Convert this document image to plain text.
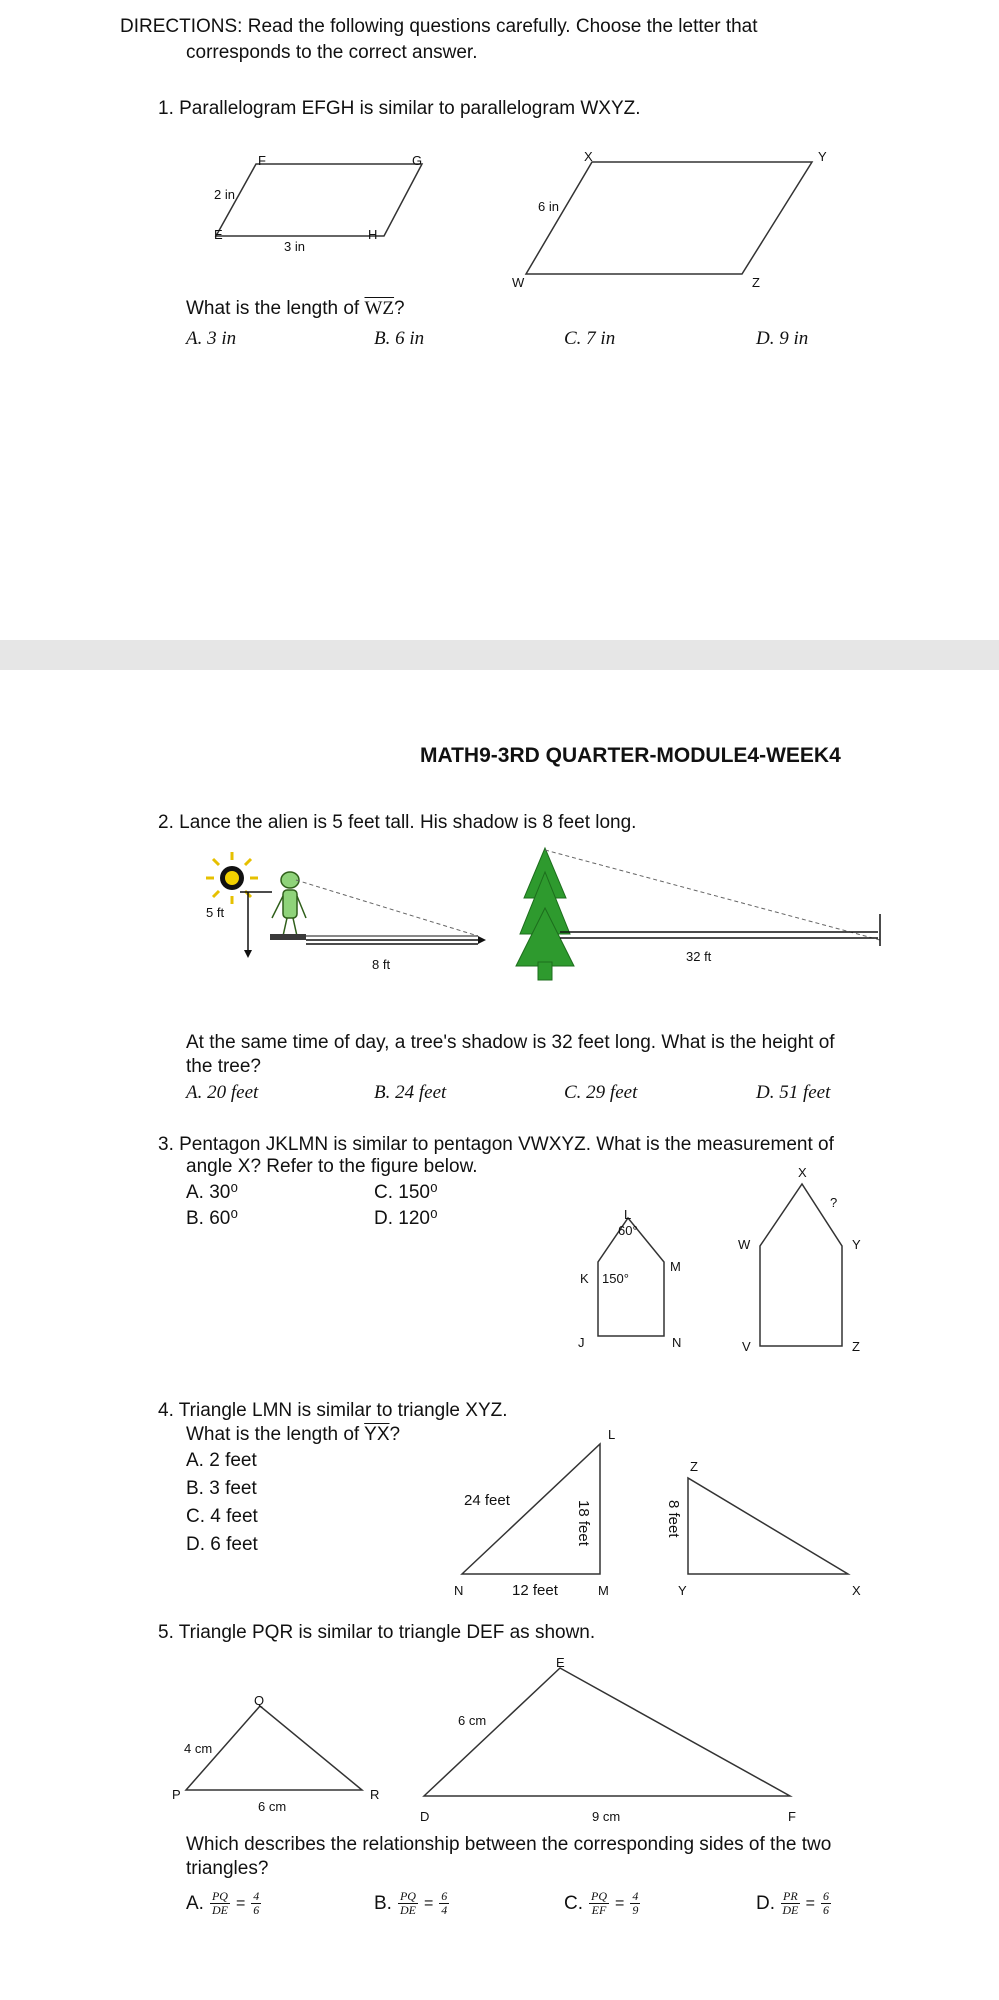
DIRECTIONS: Read the following questions carefully. Choose the letter that
corresponds to the correct answer.
1. Parallelogram EFGH is similar to parallelogram WXYZ.
F	G
E	H
2 in
3 in
X	Y
W	Z
6 in
What is the length of $\overline{WZ}$?
A. 3 in	B. 6 in	C. 7 in	D. 9 in
MATH9-3RD QUARTER-MODULE4-WEEK4
2. Lance the alien is 5 feet tall. His shadow is 8 feet long.
5 ft
8 ft
32 ft
At the same time of day, a tree's shadow is 32 feet long. What is the height of
the tree?
A. 20 feet	B. 24 feet	C. 29 feet	D. 51 feet
3. Pentagon JKLMN is similar to pentagon VWXYZ. What is the measurement of
angle X? Refer to the figure below.
A. 30⁰	C. 150⁰
B. 60⁰	D. 120⁰	L
60°
K 150°
M
J	N
X
?
W	Y
V	Z
4. Triangle LMN is similar to triangle XYZ.
What is the length of $\overline{YX}$?
A. 2 feet
B. 3 feet
C. 4 feet
D. 6 feet
L
N	M
24 feet
12 feet
18 feet
Z
Y	X
8 feet
5. Triangle PQR is similar to triangle DEF as shown.
Q
P	R
4 cm
6 cm
E
D	F
6 cm
9 cm
Which describes the relationship between the corresponding sides of the two
triangles?
A. $\frac{PQ}{DE} = \frac{4}{6}$	B. $\frac{PQ}{DE} = \frac{6}{4}$	C. $\frac{PQ}{EF} = \frac{4}{9}$	D. $\frac{PR}{DE} = \frac{6}{6}$
